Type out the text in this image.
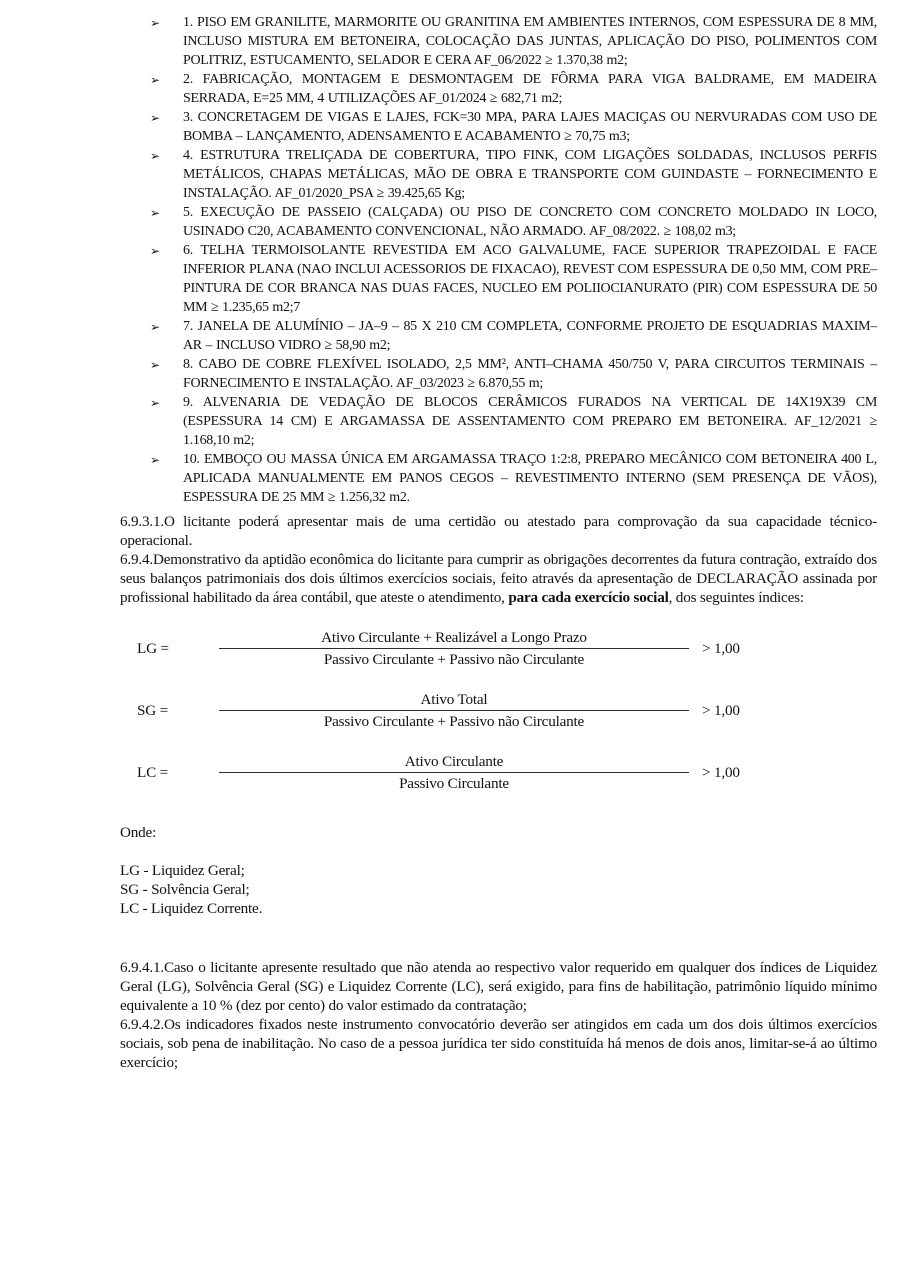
➢ 1. PISO EM GRANILITE, MARMORITE OU GRANITINA EM AMBIENTES INTERNOS, COM ESPESSURA DE 8 MM, INCLUSO MISTURA EM BETONEIRA, COLOCAÇÃO DAS JUNTAS, APLICAÇÃO DO PISO, POLIMENTOS COM POLITRIZ, ESTUCAMENTO, SELADOR E CERA AF_06/2022 ≥ 1.370,38 m2;
➢ 2. FABRICAÇÃO, MONTAGEM E DESMONTAGEM DE FÔRMA PARA VIGA BALDRAME, EM MADEIRA SERRADA, E=25 MM, 4 UTILIZAÇÕES AF_01/2024 ≥ 682,71 m2;
➢ 3. CONCRETAGEM DE VIGAS E LAJES, FCK=30 MPA, PARA LAJES MACIÇAS OU NERVURADAS COM USO DE BOMBA – LANÇAMENTO, ADENSAMENTO E ACABAMENTO ≥ 70,75 m3;
➢ 4. ESTRUTURA TRELIÇADA DE COBERTURA, TIPO FINK, COM LIGAÇÕES SOLDADAS, INCLUSOS PERFIS METÁLICOS, CHAPAS METÁLICAS, MÃO DE OBRA E TRANSPORTE COM GUINDASTE – FORNECIMENTO E INSTALAÇÃO. AF_01/2020_PSA ≥ 39.425,65 Kg;
➢ 5. EXECUÇÃO DE PASSEIO (CALÇADA) OU PISO DE CONCRETO COM CONCRETO MOLDADO IN LOCO, USINADO C20, ACABAMENTO CONVENCIONAL, NÃO ARMADO. AF_08/2022. ≥ 108,02 m3;
➢ 6. TELHA TERMOISOLANTE REVESTIDA EM ACO GALVALUME, FACE SUPERIOR TRAPEZOIDAL E FACE INFERIOR PLANA (NAO INCLUI ACESSORIOS DE FIXACAO), REVEST COM ESPESSURA DE 0,50 MM, COM PRE–PINTURA DE COR BRANCA NAS DUAS FACES, NUCLEO EM POLIIOCIANURATO (PIR) COM ESPESSURA DE 50 MM ≥ 1.235,65 m2;7
➢ 7. JANELA DE ALUMÍNIO – JA–9 – 85 X 210 CM COMPLETA, CONFORME PROJETO DE ESQUADRIAS MAXIM–AR – INCLUSO VIDRO ≥ 58,90 m2;
➢ 8. CABO DE COBRE FLEXÍVEL ISOLADO, 2,5 MM², ANTI–CHAMA 450/750 V, PARA CIRCUITOS TERMINAIS – FORNECIMENTO E INSTALAÇÃO. AF_03/2023 ≥ 6.870,55 m;
➢ 9. ALVENARIA DE VEDAÇÃO DE BLOCOS CERÂMICOS FURADOS NA VERTICAL DE 14X19X39 CM (ESPESSURA 14 CM) E ARGAMASSA DE ASSENTAMENTO COM PREPARO EM BETONEIRA. AF_12/2021 ≥ 1.168,10 m2;
➢ 10. EMBOÇO OU MASSA ÚNICA EM ARGAMASSA TRAÇO 1:2:8, PREPARO MECÂNICO COM BETONEIRA 400 L, APLICADA MANUALMENTE EM PANOS CEGOS – REVESTIMENTO INTERNO (SEM PRESENÇA DE VÃOS), ESPESSURA DE 25 MM ≥ 1.256,32 m2.
6.9.3.1.O licitante poderá apresentar mais de uma certidão ou atestado para comprovação da sua capacidade técnico-operacional.
6.9.4.Demonstrativo da aptidão econômica do licitante para cumprir as obrigações decorrentes da futura contração, extraído dos seus balanços patrimoniais dos dois últimos exercícios sociais, feito através da apresentação de DECLARAÇÃO assinada por profissional habilitado da área contábil, que ateste o atendimento, para cada exercício social, dos seguintes índices:
LG =	$\frac{\text{Ativo Circulante + Realizável a Longo Prazo}}{\text{Passivo Circulante + Passivo não Circulante}} > 1,00$
SG =	$\frac{\text{Ativo Total}}{\text{Passivo Circulante + Passivo não Circulante}} > 1,00$
LC =	$\frac{\text{Ativo Circulante}}{\text{Passivo Circulante}} > 1,00$
Onde:
LG - Liquidez Geral;
SG - Solvência Geral;
LC - Liquidez Corrente.
6.9.4.1.Caso o licitante apresente resultado que não atenda ao respectivo valor requerido em qualquer dos índices de Liquidez Geral (LG), Solvência Geral (SG) e Liquidez Corrente (LC), será exigido, para fins de habilitação, patrimônio líquido mínimo equivalente a 10 % (dez por cento) do valor estimado da contratação;
6.9.4.2.Os indicadores fixados neste instrumento convocatório deverão ser atingidos em cada um dos dois últimos exercícios sociais, sob pena de inabilitação. No caso de a pessoa jurídica ter sido constituída há menos de dois anos, limitar-se-á ao último exercício;
